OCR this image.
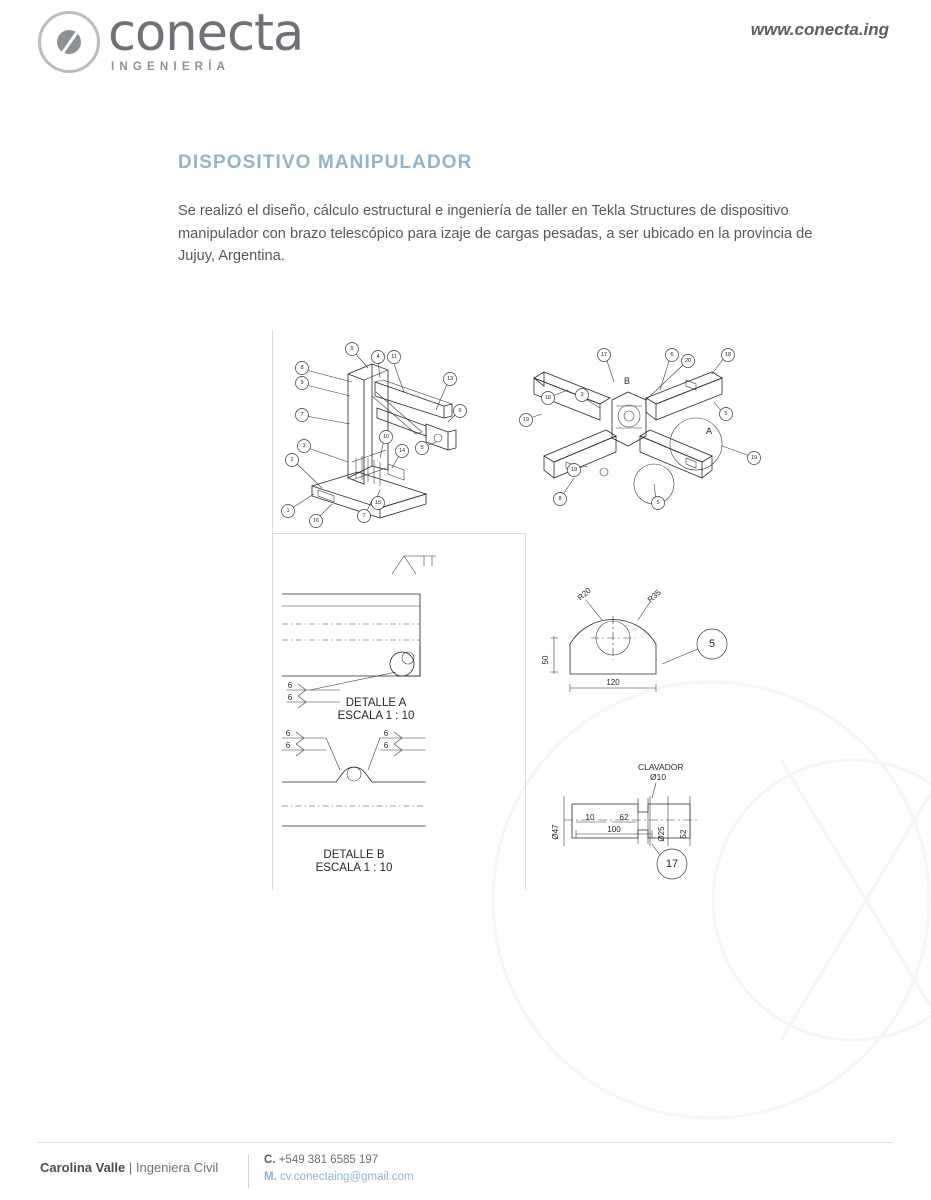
conecta
INGENIERÍA
www.conecta.ing
DISPOSITIVO MANIPULADOR
Se realizó el diseño, cálculo estructural e ingeniería de taller en Tekla Structures de dispositivo manipulador con brazo telescópico para izaje de cargas pesadas, a ser ubicado en la provincia de Jujuy, Argentina.
8
9
4 11
13
9
6
7
5
10
14
3
2
1
16
15
7
B
A
17	6	18
20
18	3
19
5
19
19
8
5
6
6	DETALLE A
ESCALA 1 : 10
6
6
6
6
DETALLE B
ESCALA 1 : 10
R20	R35
50
120
5
CLAVADOR
Ø10
Ø47
10	62
100	Ø25 52
17
Carolina Valle | Ingeniera Civil	C. +549 381 6585 197
M. cv.conectaing@gmail.com
